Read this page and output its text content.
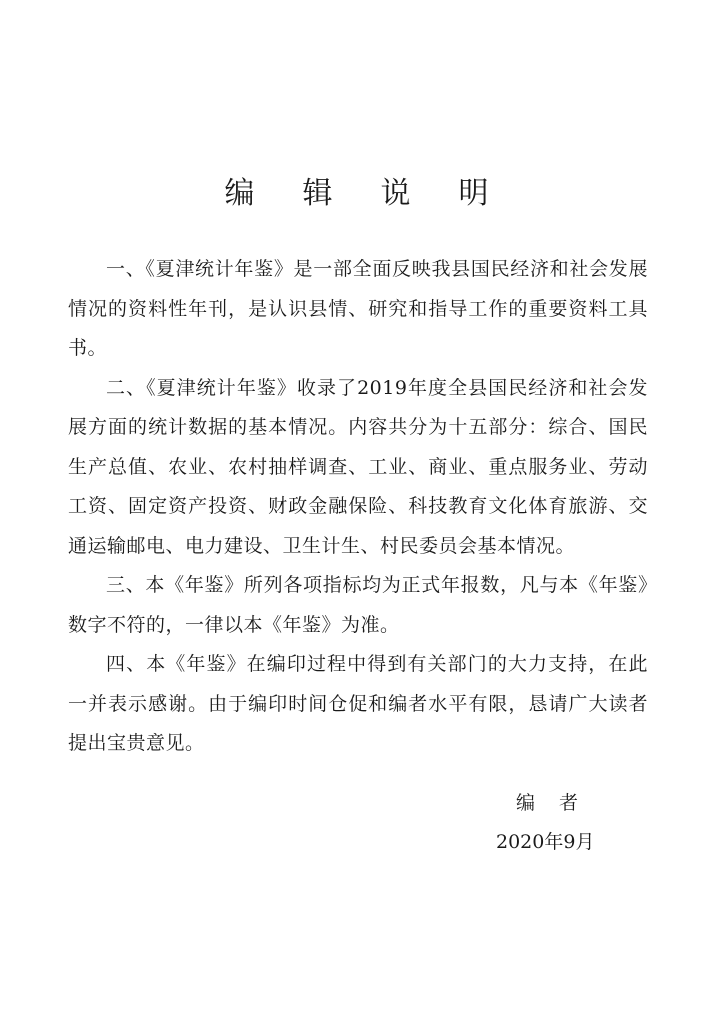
编辑说明

一、《夏津统计年鉴》是一部全面反映我县国民经济和社会发展情况的资料性年刊，是认识县情、研究和指导工作的重要资料工具书。

二、《夏津统计年鉴》收录了2019年度全县国民经济和社会发展方面的统计数据的基本情况。内容共分为十五部分：综合、国民生产总值、农业、农村抽样调查、工业、商业、重点服务业、劳动工资、固定资产投资、财政金融保险、科技教育文化体育旅游、交通运输邮电、电力建设、卫生计生、村民委员会基本情况。

三、本《年鉴》所列各项指标均为正式年报数，凡与本《年鉴》数字不符的，一律以本《年鉴》为准。

四、本《年鉴》在编印过程中得到有关部门的大力支持，在此一并表示感谢。由于编印时间仓促和编者水平有限，恳请广大读者提出宝贵意见。

编者

2020年9月
